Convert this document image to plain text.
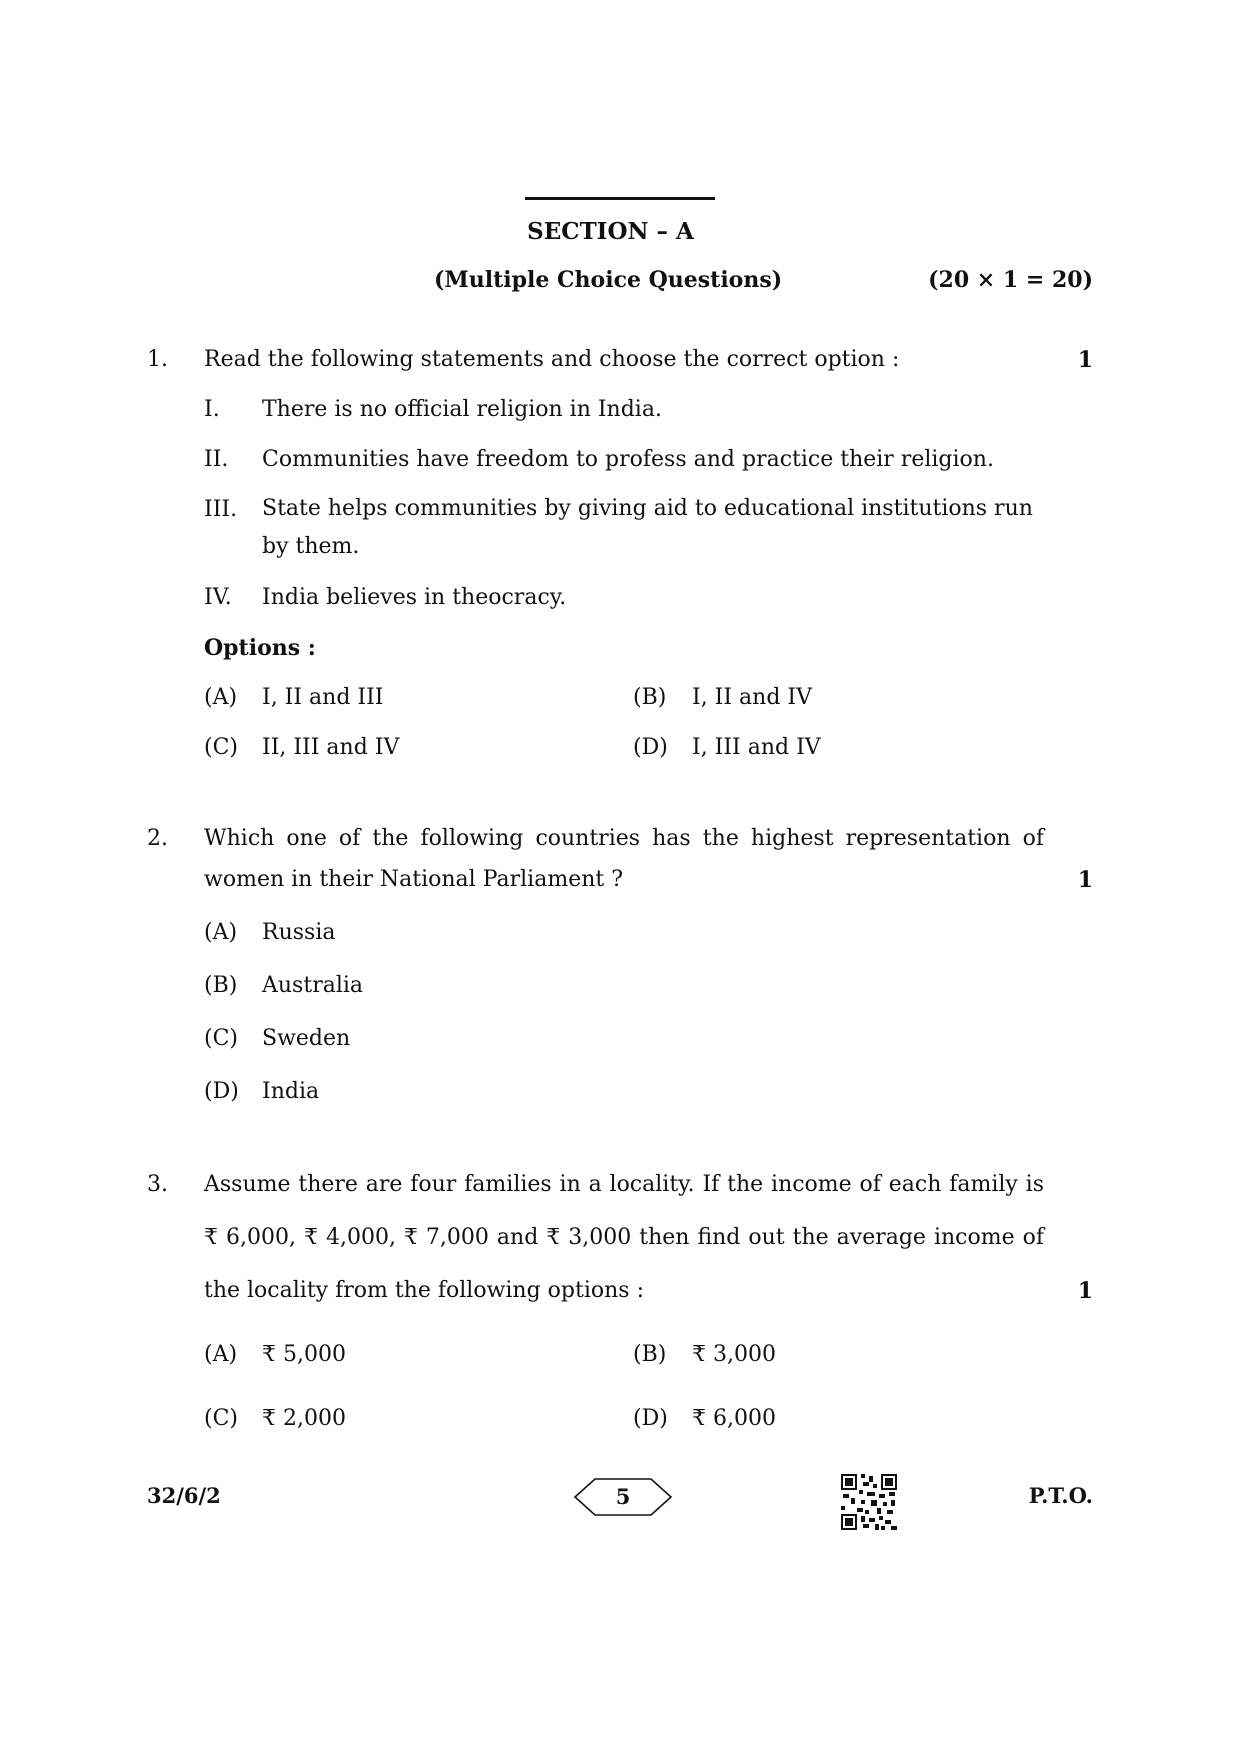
SECTION – A
(Multiple Choice Questions)	(20 × 1 = 20)
1. Read the following statements and choose the correct option :	1
I. There is no official religion in India.
II. Communities have freedom to profess and practice their religion.
III. State helps communities by giving aid to educational institutions run by them.
IV. India believes in theocracy.
Options :
(A) I, II and III	(B) I, II and IV
(C) II, III and IV	(D) I, III and IV
2. Which one of the following countries has the highest representation of
women in their National Parliament ?	1
(A) Russia
(B) Australia
(C) Sweden
(D) India
3. Assume there are four families in a locality. If the income of each family is
₹ 6,000, ₹ 4,000, ₹ 7,000 and ₹ 3,000 then find out the average income of
the locality from the following options :	1
(A) ₹ 5,000	(B) ₹ 3,000
(C) ₹ 2,000	(D) ₹ 6,000
32/6/2	5	P.T.O.
